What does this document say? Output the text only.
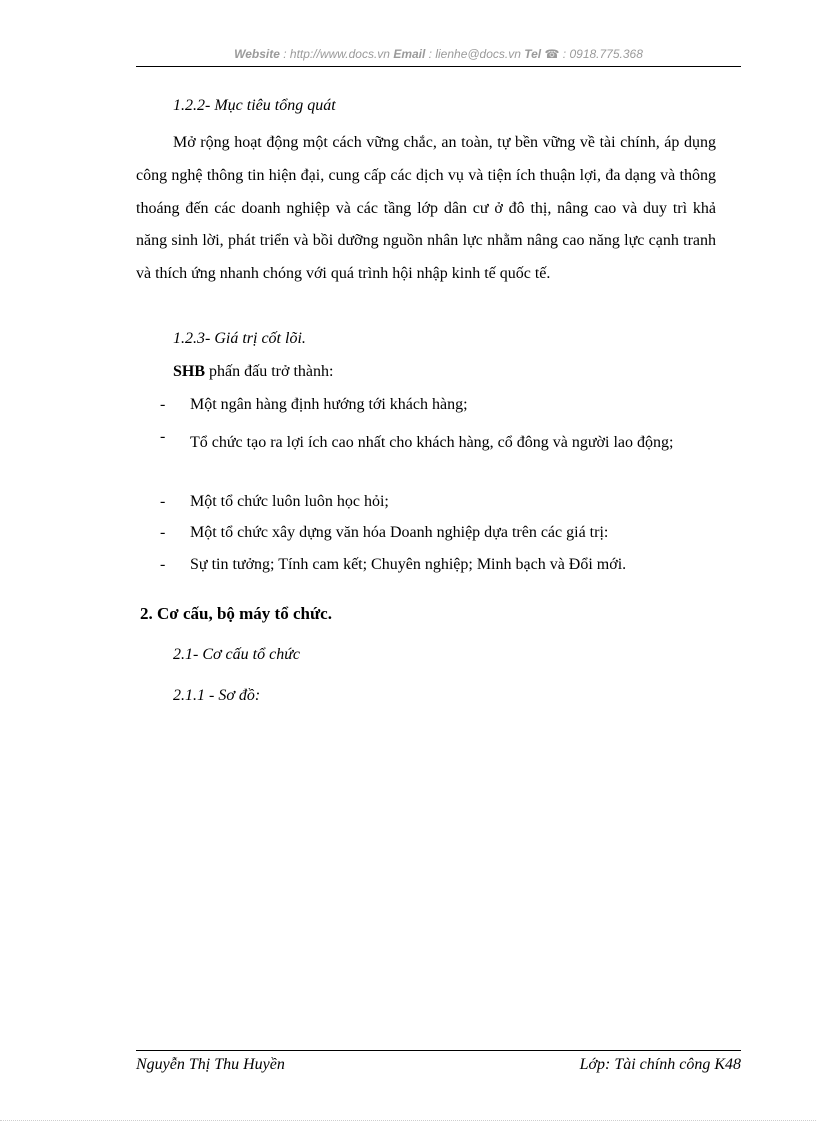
Website : http://www.docs.vn Email : lienhe@docs.vn Tel ☎ : 0918.775.368
1.2.2- Mục tiêu tổng quát
Mở rộng hoạt động một cách vững chắc, an toàn, tự bền vững về tài chính, áp dụng công nghệ thông tin hiện đại, cung cấp các dịch vụ và tiện ích thuận lợi, đa dạng và thông thoáng đến các doanh nghiệp và các tầng lớp dân cư ở đô thị, nâng cao và duy trì khả năng sinh lời, phát triển và bồi dưỡng nguồn nhân lực nhằm nâng cao năng lực cạnh tranh và thích ứng nhanh chóng với quá trình hội nhập kinh tế quốc tế.
1.2.3- Giá trị cốt lõi.
SHB phấn đấu trở thành:
- Một ngân hàng định hướng tới khách hàng;
- Tổ chức tạo ra lợi ích cao nhất cho khách hàng, cổ đông và người lao động;
- Một tổ chức luôn luôn học hỏi;
- Một tổ chức xây dựng văn hóa Doanh nghiệp dựa trên các giá trị:
- Sự tin tưởng; Tính cam kết; Chuyên nghiệp; Minh bạch và Đổi mới.
2. Cơ cấu, bộ máy tổ chức.
2.1- Cơ cấu tổ chức
2.1.1 - Sơ đồ:
Nguyễn Thị Thu Huyền	Lớp: Tài chính công K48
